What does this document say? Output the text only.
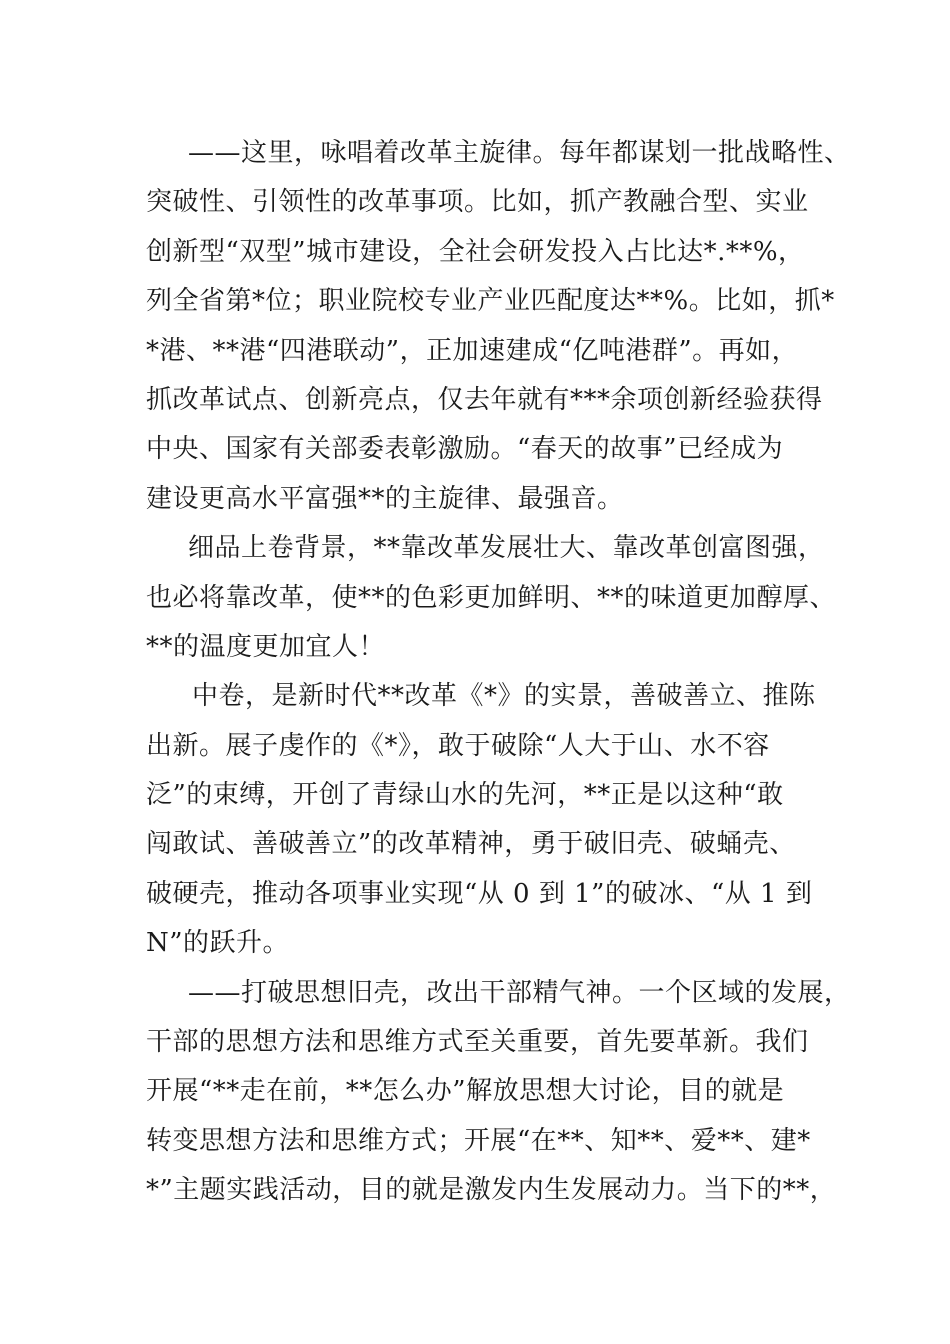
——这里，咏唱着改革主旋律。每年都谋划一批战略性、
突破性、引领性的改革事项。比如，抓产教融合型、实业
创新型“双型”城市建设，全社会研发投入占比达*.**%，
列全省第*位；职业院校专业产业匹配度达**%。比如，抓*
*港、**港“四港联动”，正加速建成“亿吨港群”。再如，
抓改革试点、创新亮点，仅去年就有***余项创新经验获得
中央、国家有关部委表彰激励。“春天的故事”已经成为
建设更高水平富强**的主旋律、最强音。
细品上卷背景，**靠改革发展壮大、靠改革创富图强，
也必将靠改革，使**的色彩更加鲜明、**的味道更加醇厚、
**的温度更加宜人！
中卷，是新时代**改革《*》的实景，善破善立、推陈
出新。展子虔作的《*》，敢于破除“人大于山、水不容
泛”的束缚，开创了青绿山水的先河，**正是以这种“敢
闯敢试、善破善立”的改革精神，勇于破旧壳、破蛹壳、
破硬壳，推动各项事业实现“从 0 到 1”的破冰、“从 1 到
N”的跃升。
——打破思想旧壳，改出干部精气神。一个区域的发展，
干部的思想方法和思维方式至关重要，首先要革新。我们
开展“**走在前，**怎么办”解放思想大讨论，目的就是
转变思想方法和思维方式；开展“在**、知**、爱**、建*
*”主题实践活动，目的就是激发内生发展动力。当下的**，
